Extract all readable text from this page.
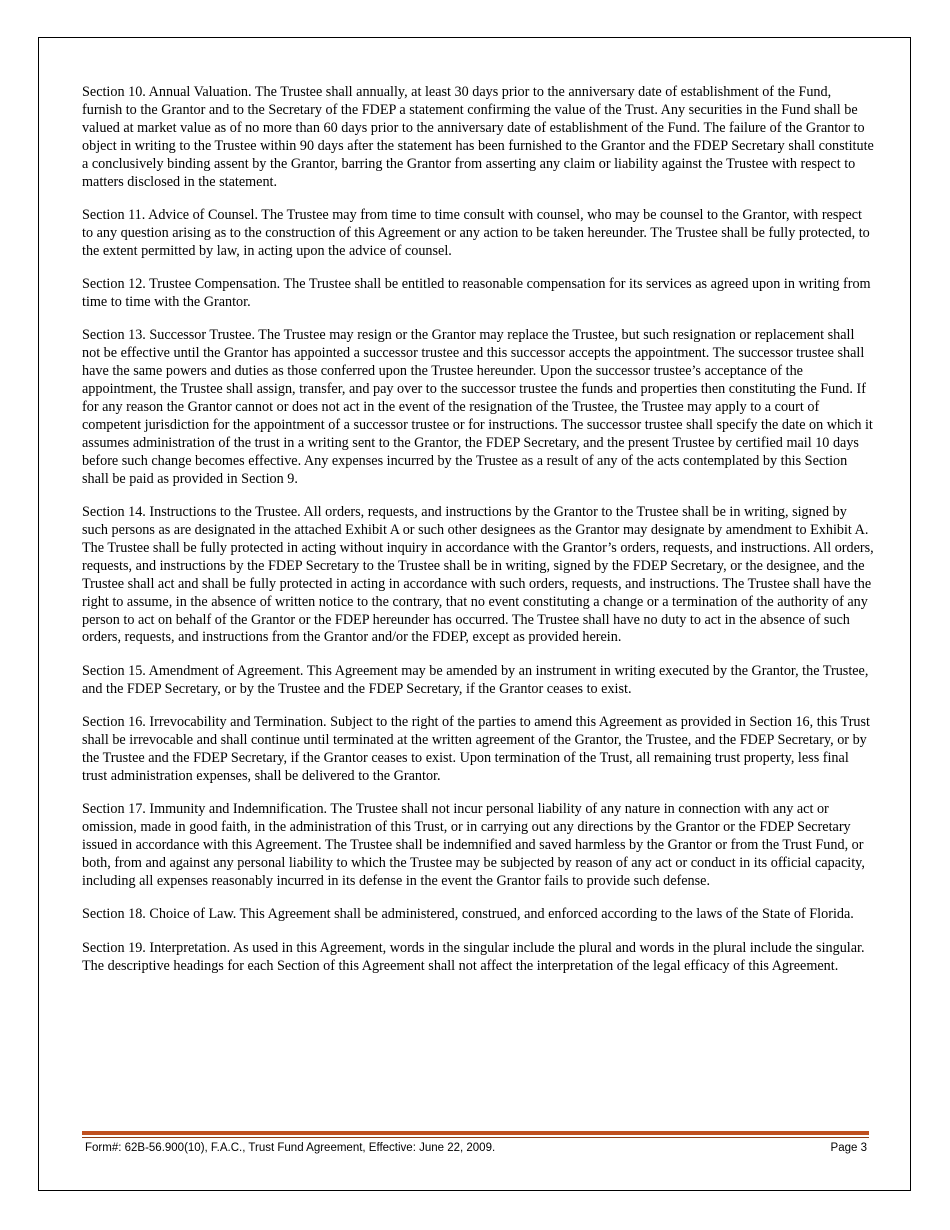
Section 10. Annual Valuation. The Trustee shall annually, at least 30 days prior to the anniversary date of establishment of the Fund, furnish to the Grantor and to the Secretary of the FDEP a statement confirming the value of the Trust. Any securities in the Fund shall be valued at market value as of no more than 60 days prior to the anniversary date of establishment of the Fund. The failure of the Grantor to object in writing to the Trustee within 90 days after the statement has been furnished to the Grantor and the FDEP Secretary shall constitute a conclusively binding assent by the Grantor, barring the Grantor from asserting any claim or liability against the Trustee with respect to matters disclosed in the statement.

Section 11. Advice of Counsel. The Trustee may from time to time consult with counsel, who may be counsel to the Grantor, with respect to any question arising as to the construction of this Agreement or any action to be taken hereunder. The Trustee shall be fully protected, to the extent permitted by law, in acting upon the advice of counsel.

Section 12. Trustee Compensation. The Trustee shall be entitled to reasonable compensation for its services as agreed upon in writing from time to time with the Grantor.

Section 13. Successor Trustee. The Trustee may resign or the Grantor may replace the Trustee, but such resignation or replacement shall not be effective until the Grantor has appointed a successor trustee and this successor accepts the appointment. The successor trustee shall have the same powers and duties as those conferred upon the Trustee hereunder. Upon the successor trustee’s acceptance of the appointment, the Trustee shall assign, transfer, and pay over to the successor trustee the funds and properties then constituting the Fund. If for any reason the Grantor cannot or does not act in the event of the resignation of the Trustee, the Trustee may apply to a court of competent jurisdiction for the appointment of a successor trustee or for instructions. The successor trustee shall specify the date on which it assumes administration of the trust in a writing sent to the Grantor, the FDEP Secretary, and the present Trustee by certified mail 10 days before such change becomes effective. Any expenses incurred by the Trustee as a result of any of the acts contemplated by this Section shall be paid as provided in Section 9.

Section 14. Instructions to the Trustee. All orders, requests, and instructions by the Grantor to the Trustee shall be in writing, signed by such persons as are designated in the attached Exhibit A or such other designees as the Grantor may designate by amendment to Exhibit A. The Trustee shall be fully protected in acting without inquiry in accordance with the Grantor’s orders, requests, and instructions. All orders, requests, and instructions by the FDEP Secretary to the Trustee shall be in writing, signed by the FDEP Secretary, or the designee, and the Trustee shall act and shall be fully protected in acting in accordance with such orders, requests, and instructions. The Trustee shall have the right to assume, in the absence of written notice to the contrary, that no event constituting a change or a termination of the authority of any person to act on behalf of the Grantor or the FDEP hereunder has occurred. The Trustee shall have no duty to act in the absence of such orders, requests, and instructions from the Grantor and/or the FDEP, except as provided herein.

Section 15. Amendment of Agreement. This Agreement may be amended by an instrument in writing executed by the Grantor, the Trustee, and the FDEP Secretary, or by the Trustee and the FDEP Secretary, if the Grantor ceases to exist.

Section 16. Irrevocability and Termination. Subject to the right of the parties to amend this Agreement as provided in Section 16, this Trust shall be irrevocable and shall continue until terminated at the written agreement of the Grantor, the Trustee, and the FDEP Secretary, or by the Trustee and the FDEP Secretary, if the Grantor ceases to exist. Upon termination of the Trust, all remaining trust property, less final trust administration expenses, shall be delivered to the Grantor.

Section 17. Immunity and Indemnification. The Trustee shall not incur personal liability of any nature in connection with any act or omission, made in good faith, in the administration of this Trust, or in carrying out any directions by the Grantor or the FDEP Secretary issued in accordance with this Agreement. The Trustee shall be indemnified and saved harmless by the Grantor or from the Trust Fund, or both, from and against any personal liability to which the Trustee may be subjected by reason of any act or conduct in its official capacity, including all expenses reasonably incurred in its defense in the event the Grantor fails to provide such defense.

Section 18. Choice of Law. This Agreement shall be administered, construed, and enforced according to the laws of the State of Florida.

Section 19. Interpretation. As used in this Agreement, words in the singular include the plural and words in the plural include the singular. The descriptive headings for each Section of this Agreement shall not affect the interpretation of the legal efficacy of this Agreement.

Form#: 62B-56.900(10), F.A.C., Trust Fund Agreement, Effective: June 22, 2009.	Page 3
